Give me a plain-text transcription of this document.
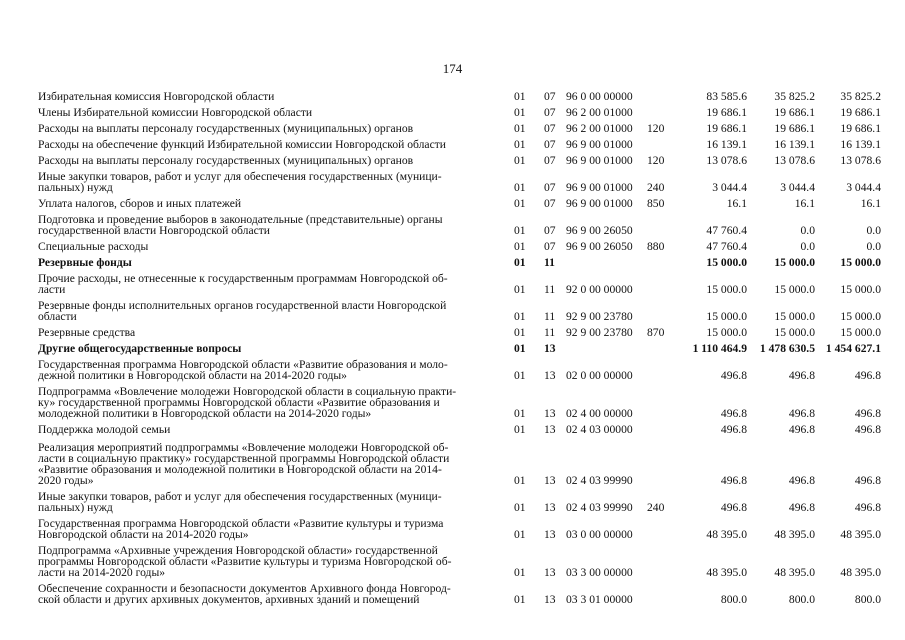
174
Избирательная комиссия Новгородской области	01	07	96 0 00 00000		83 585.6	35 825.2	35 825.2
Члены Избирательной комиссии Новгородской области	01	07	96 2 00 01000		19 686.1	19 686.1	19 686.1
Расходы на выплаты персоналу государственных (муниципальных) органов	01	07	96 2 00 01000	120	19 686.1	19 686.1	19 686.1
Расходы на обеспечение функций Избирательной комиссии Новгородской области	01	07	96 9 00 01000		16 139.1	16 139.1	16 139.1
Расходы на выплаты персоналу государственных (муниципальных) органов	01	07	96 9 00 01000	120	13 078.6	13 078.6	13 078.6

Иные закупки товаров, работ и услуг для обеспечения государственных (муници-
пальных) нужд	01	07	96 9 00 01000	240	3 044.4	3 044.4	3 044.4
Уплата налогов, сборов и иных платежей	01	07	96 9 00 01000	850	16.1	16.1	16.1

Подготовка и проведение выборов в законодательные (представительные) органы
государственной власти Новгородской области	01	07	96 9 00 26050		47 760.4	0.0	0.0
Специальные расходы	01	07	96 9 00 26050	880	47 760.4	0.0	0.0
Резервные фонды	01	11			15 000.0	15 000.0	15 000.0

Прочие расходы, не отнесенные к государственным программам Новгородской об-
ласти	01	11	92 0 00 00000		15 000.0	15 000.0	15 000.0

Резервные фонды исполнительных органов государственной власти Новгородской
области	01	11	92 9 00 23780		15 000.0	15 000.0	15 000.0
Резервные средства	01	11	92 9 00 23780	870	15 000.0	15 000.0	15 000.0
Другие общегосударственные вопросы	01	13			1 110 464.9	1 478 630.5	1 454 627.1

Государственная программа Новгородской области «Развитие образования и моло-
дежной политики в Новгородской области на 2014-2020 годы»	01	13	02 0 00 00000		496.8	496.8	496.8

Подпрограмма «Вовлечение молодежи Новгородской области в социальную практи-
ку» государственной программы Новгородской области «Развитие образования и
молодежной политики в Новгородской области на 2014-2020 годы»	01	13	02 4 00 00000		496.8	496.8	496.8
Поддержка молодой семьи	01	13	02 4 03 00000		496.8	496.8	496.8

Реализация мероприятий подпрограммы «Вовлечение молодежи Новгородской об-
ласти в социальную практику» государственной программы Новгородской области
«Развитие образования и молодежной политики в Новгородской области на 2014-
2020 годы»	01	13	02 4 03 99990		496.8	496.8	496.8

Иные закупки товаров, работ и услуг для обеспечения государственных (муници-
пальных) нужд	01	13	02 4 03 99990	240	496.8	496.8	496.8

Государственная программа Новгородской области «Развитие культуры и туризма
Новгородской области на 2014-2020 годы»	01	13	03 0 00 00000		48 395.0	48 395.0	48 395.0

Подпрограмма «Архивные учреждения Новгородской области» государственной
программы Новгородской области «Развитие культуры и туризма Новгородской об-
ласти на 2014-2020 годы»	01	13	03 3 00 00000		48 395.0	48 395.0	48 395.0

Обеспечение сохранности и безопасности документов Архивного фонда Новгород-
ской области и других архивных документов, архивных зданий и помещений	01	13	03 3 01 00000		800.0	800.0	800.0
